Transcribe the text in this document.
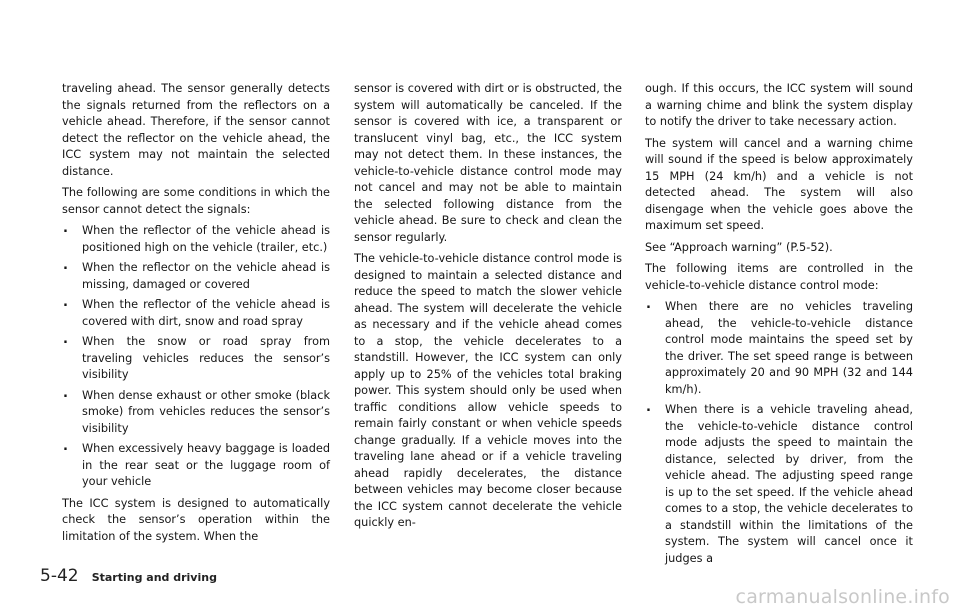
traveling ahead. The sensor generally detects the signals returned from the reflectors on a vehicle ahead. Therefore, if the sensor cannot detect the reflector on the vehicle ahead, the ICC system may not maintain the selected distance.

The following are some conditions in which the sensor cannot detect the signals:

. When the reflector of the vehicle ahead is positioned high on the vehicle (trailer, etc.)
. When the reflector on the vehicle ahead is missing, damaged or covered
. When the reflector of the vehicle ahead is covered with dirt, snow and road spray
. When the snow or road spray from traveling vehicles reduces the sensor’s visibility
. When dense exhaust or other smoke (black smoke) from vehicles reduces the sensor’s visibility
. When excessively heavy baggage is loaded in the rear seat or the luggage room of your vehicle

The ICC system is designed to automatically check the sensor’s operation within the limitation of the system. When the

sensor is covered with dirt or is obstructed, the system will automatically be canceled. If the sensor is covered with ice, a transparent or translucent vinyl bag, etc., the ICC system may not detect them. In these instances, the vehicle-to-vehicle distance control mode may not cancel and may not be able to maintain the selected following distance from the vehicle ahead. Be sure to check and clean the sensor regularly.

The vehicle-to-vehicle distance control mode is designed to maintain a selected distance and reduce the speed to match the slower vehicle ahead. The system will decelerate the vehicle as necessary and if the vehicle ahead comes to a stop, the vehicle decelerates to a standstill. However, the ICC system can only apply up to 25% of the vehicles total braking power. This system should only be used when traffic conditions allow vehicle speeds to remain fairly constant or when vehicle speeds change gradually. If a vehicle moves into the traveling lane ahead or if a vehicle traveling ahead rapidly decelerates, the distance between vehicles may become closer because the ICC system cannot decelerate the vehicle quickly en-

ough. If this occurs, the ICC system will sound a warning chime and blink the system display to notify the driver to take necessary action.

The system will cancel and a warning chime will sound if the speed is below approximately 15 MPH (24 km/h) and a vehicle is not detected ahead. The system will also disengage when the vehicle goes above the maximum set speed.

See “Approach warning” (P.5-52).

The following items are controlled in the vehicle-to-vehicle distance control mode:

. When there are no vehicles traveling ahead, the vehicle-to-vehicle distance control mode maintains the speed set by the driver. The set speed range is between approximately 20 and 90 MPH (32 and 144 km/h).
. When there is a vehicle traveling ahead, the vehicle-to-vehicle distance control mode adjusts the speed to maintain the distance, selected by driver, from the vehicle ahead. The adjusting speed range is up to the set speed. If the vehicle ahead comes to a stop, the vehicle decelerates to a standstill within the limitations of the system. The system will cancel once it judges a
5-42 Starting and driving
carmanualsonline.info
